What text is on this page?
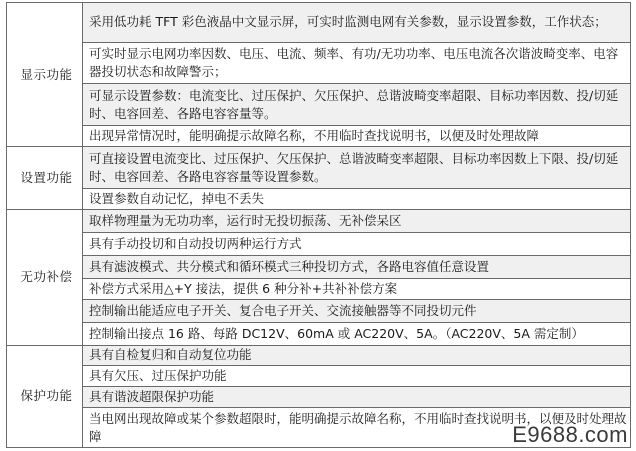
显示功能	采用低功耗 TFT 彩色液晶中文显示屏，可实时监测电网有关参数，显示设置参数，工作状态；
	可实时显示电网功率因数、电压、电流、频率、有功/无功功率、电压电流各次谐波畸变率、电容器投切状态和故障警示；
	可显示设置参数：电流变比、过压保护、欠压保护、总谐波畸变率超限、目标功率因数、投/切延时、电容回差、各路电容容量等。
	出现异常情况时，能明确提示故障名称，不用临时查找说明书，以便及时处理故障
设置功能	可直接设置电流变比、过压保护、欠压保护、总谐波畸变率超限、目标功率因数上下限、投/切延时、电容回差、各路电容容量等设置参数。
	设置参数自动记忆，掉电不丢失
无功补偿	取样物理量为无功功率，运行时无投切振荡、无补偿呆区
	具有手动投切和自动投切两种运行方式
	具有滤波模式、共分模式和循环模式三种投切方式，各路电容值任意设置
	补偿方式采用△+Y 接法，提供 6 种分补+共补补偿方案
	控制输出能适应电子开关、复合电子开关、交流接触器等不同投切元件
	控制输出接点 16 路、每路 DC12V、60mA 或 AC220V、5A。（AC220V、5A 需定制）
保护功能	具有自检复归和自动复位功能
	具有欠压、过压保护功能
	具有谐波超限保护功能
	当电网出现故障或某个参数超限时，能明确提示故障名称，不用临时查找说明书，以便及时处理故障	E9688.com
